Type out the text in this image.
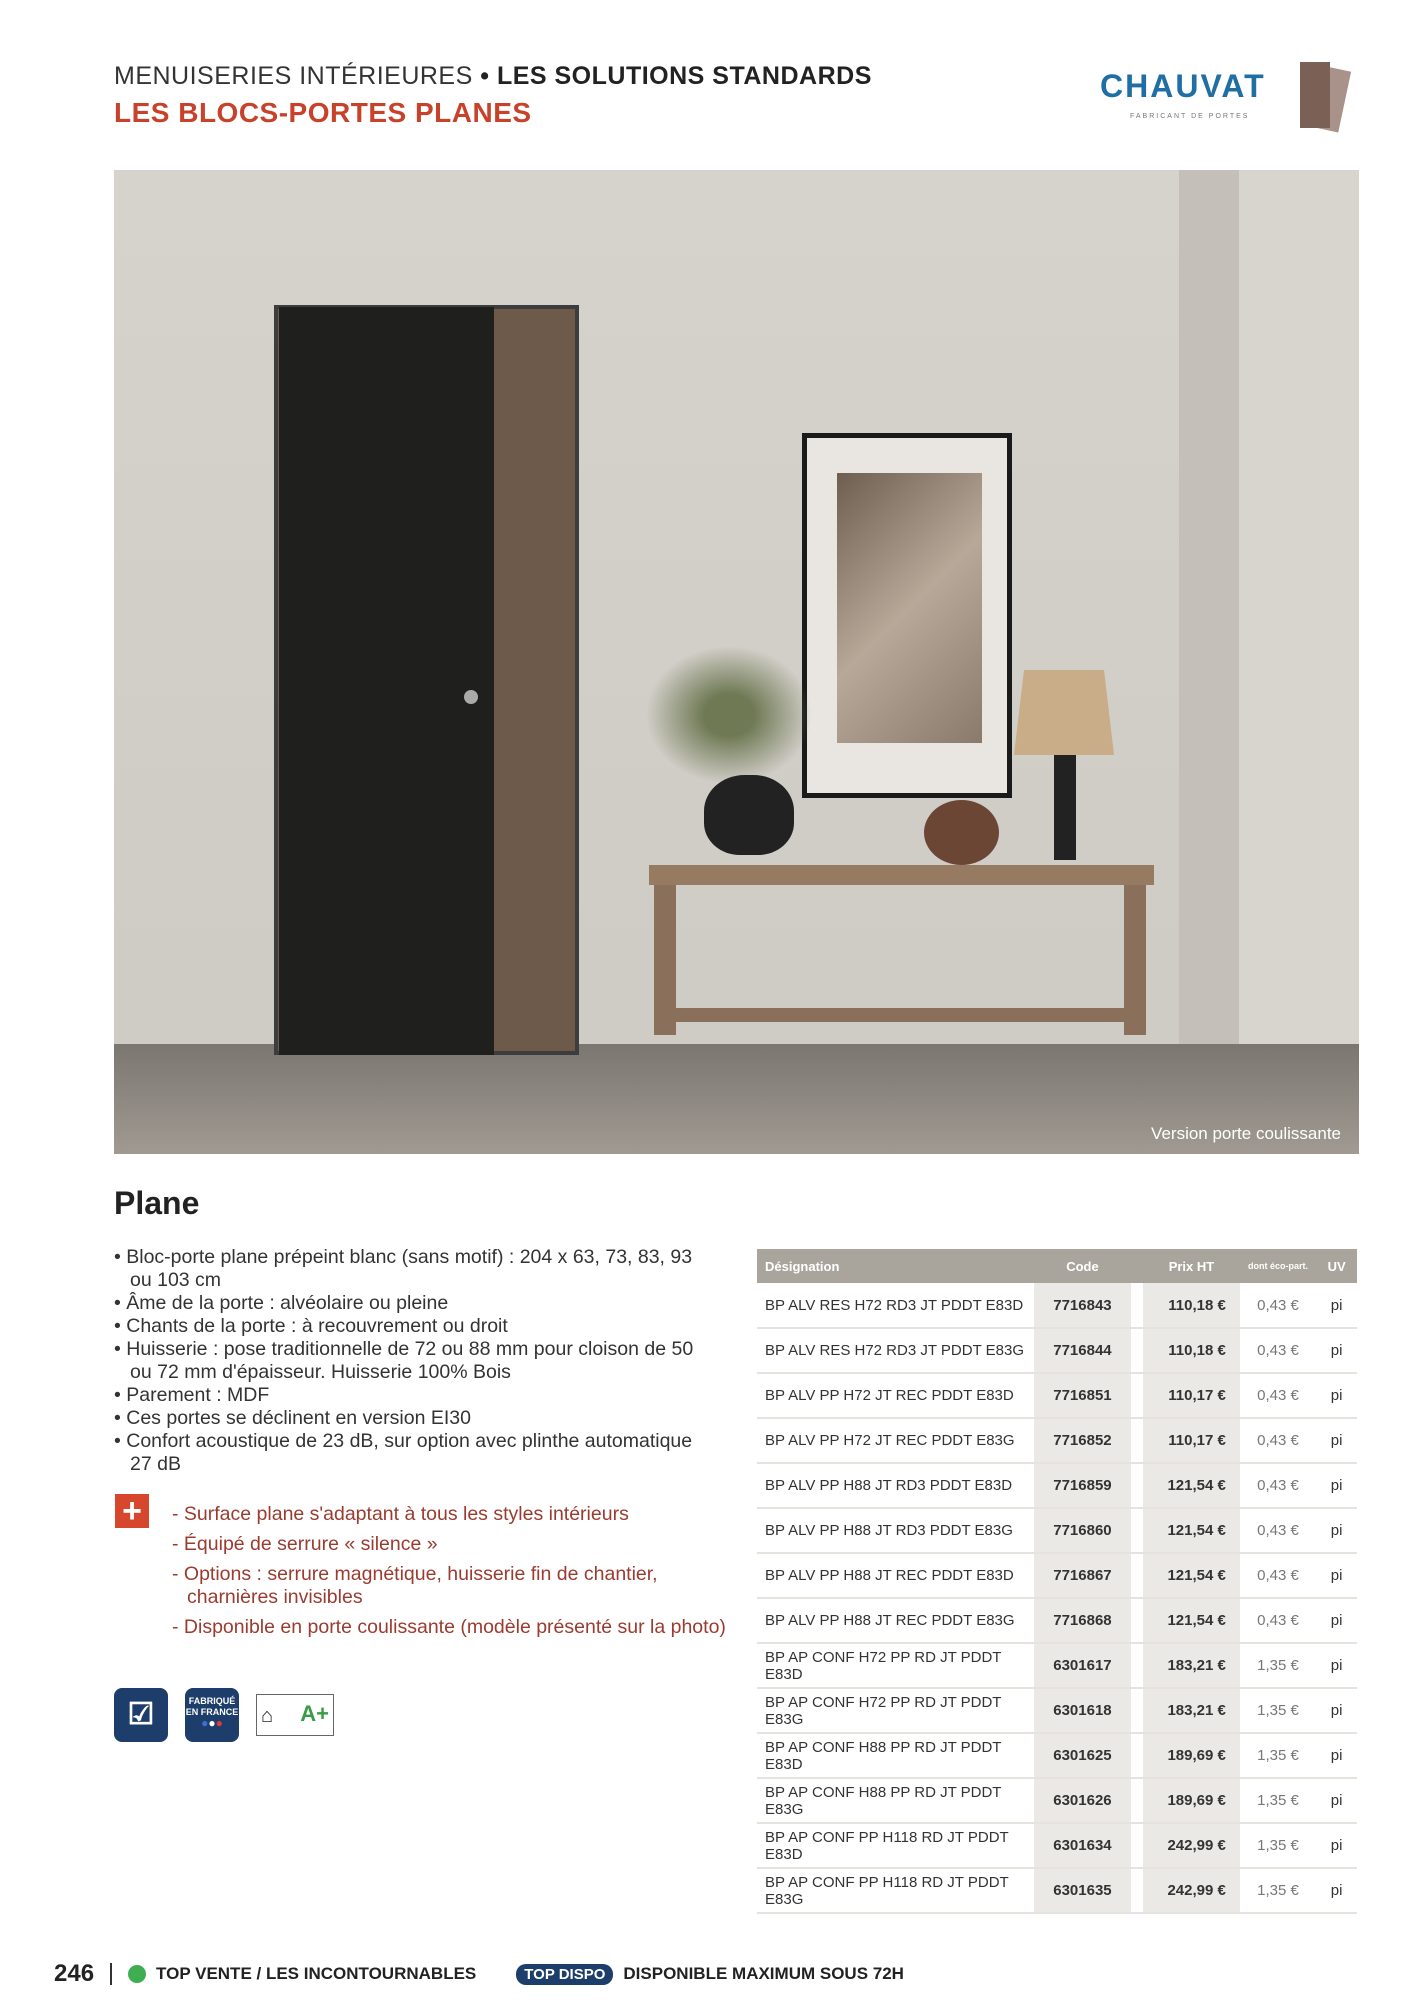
MENUISERIES INTÉRIEURES • LES SOLUTIONS STANDARDS
LES BLOCS-PORTES PLANES
CHAUVAT
FABRICANT DE PORTES
Version porte coulissante
Plane
• Bloc-porte plane prépeint blanc (sans motif) : 204 x 63, 73, 83, 93 ou 103 cm
• Âme de la porte : alvéolaire ou pleine
• Chants de la porte : à recouvrement ou droit
• Huisserie : pose traditionnelle de 72 ou 88 mm pour cloison de 50 ou 72 mm d'épaisseur. Huisserie 100% Bois
• Parement : MDF
• Ces portes se déclinent en version EI30
• Confort acoustique de 23 dB, sur option avec plinthe automatique 27 dB
+	- Surface plane s'adaptant à tous les styles intérieurs
- Équipé de serrure « silence »
- Options : serrure magnétique, huisserie fin de chantier, charnières invisibles
- Disponible en porte coulissante (modèle présenté sur la photo)
☑	FABRIQUÉ EN FRANCE
●●●	⌂ A+
Désignation	Code		Prix HT	dont éco-part.	UV
BP ALV RES H72 RD3 JT PDDT E83D	7716843		110,18 €	0,43 €	pi
BP ALV RES H72 RD3 JT PDDT E83G	7716844		110,18 €	0,43 €	pi
BP ALV PP H72 JT REC PDDT E83D	7716851		110,17 €	0,43 €	pi
BP ALV PP H72 JT REC PDDT E83G	7716852		110,17 €	0,43 €	pi
BP ALV PP H88 JT RD3 PDDT E83D	7716859		121,54 €	0,43 €	pi
BP ALV PP H88 JT RD3 PDDT E83G	7716860		121,54 €	0,43 €	pi
BP ALV PP H88 JT REC PDDT E83D	7716867		121,54 €	0,43 €	pi
BP ALV PP H88 JT REC PDDT E83G	7716868		121,54 €	0,43 €	pi
BP AP CONF H72 PP RD JT PDDT E83D	6301617		183,21 €	1,35 €	pi
BP AP CONF H72 PP RD JT PDDT E83G	6301618		183,21 €	1,35 €	pi
BP AP CONF H88 PP RD JT PDDT E83D	6301625		189,69 €	1,35 €	pi
BP AP CONF H88 PP RD JT PDDT E83G	6301626		189,69 €	1,35 €	pi
BP AP CONF PP H118 RD JT PDDT E83D	6301634		242,99 €	1,35 €	pi
BP AP CONF PP H118 RD JT PDDT E83G	6301635		242,99 €	1,35 €	pi
246	TOP VENTE / LES INCONTOURNABLES	TOP DISPO	DISPONIBLE MAXIMUM SOUS 72H
